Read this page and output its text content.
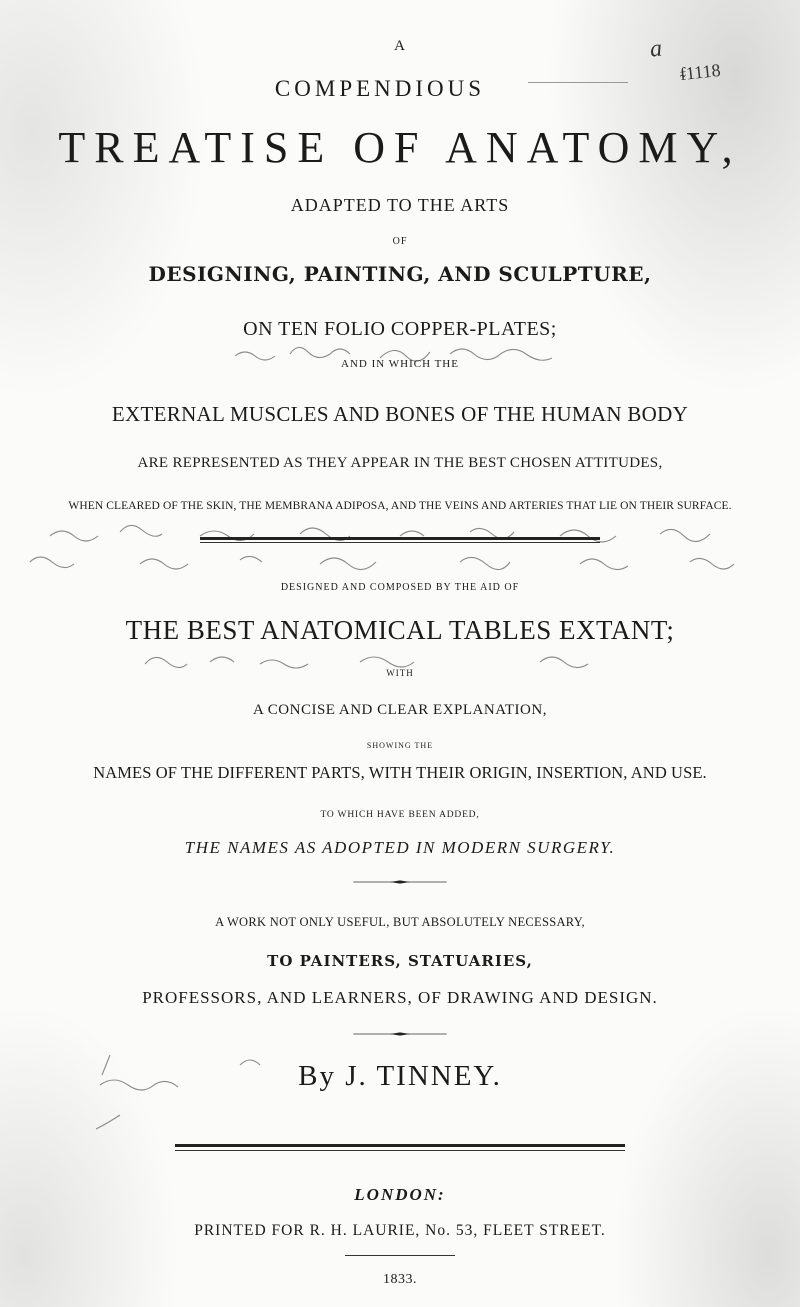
a
ᵮ1118
A
COMPENDIOUS
TREATISE OF ANATOMY,
ADAPTED TO THE ARTS
OF
DESIGNING, PAINTING, AND SCULPTURE,
ON TEN FOLIO COPPER-PLATES;
AND IN WHICH THE
EXTERNAL MUSCLES AND BONES OF THE HUMAN BODY
ARE REPRESENTED AS THEY APPEAR IN THE BEST CHOSEN ATTITUDES,
WHEN CLEARED OF THE SKIN, THE MEMBRANA ADIPOSA, AND THE VEINS AND ARTERIES THAT LIE ON THEIR SURFACE.
DESIGNED AND COMPOSED BY THE AID OF
THE BEST ANATOMICAL TABLES EXTANT;
WITH
A CONCISE AND CLEAR EXPLANATION,
SHOWING THE
NAMES OF THE DIFFERENT PARTS, WITH THEIR ORIGIN, INSERTION, AND USE.
TO WHICH HAVE BEEN ADDED,
THE NAMES AS ADOPTED IN MODERN SURGERY.
A WORK NOT ONLY USEFUL, BUT ABSOLUTELY NECESSARY,
TO PAINTERS, STATUARIES,
PROFESSORS, AND LEARNERS, OF DRAWING AND DESIGN.
By J. TINNEY.
LONDON:
PRINTED FOR R. H. LAURIE, No. 53, FLEET STREET.
1833.
